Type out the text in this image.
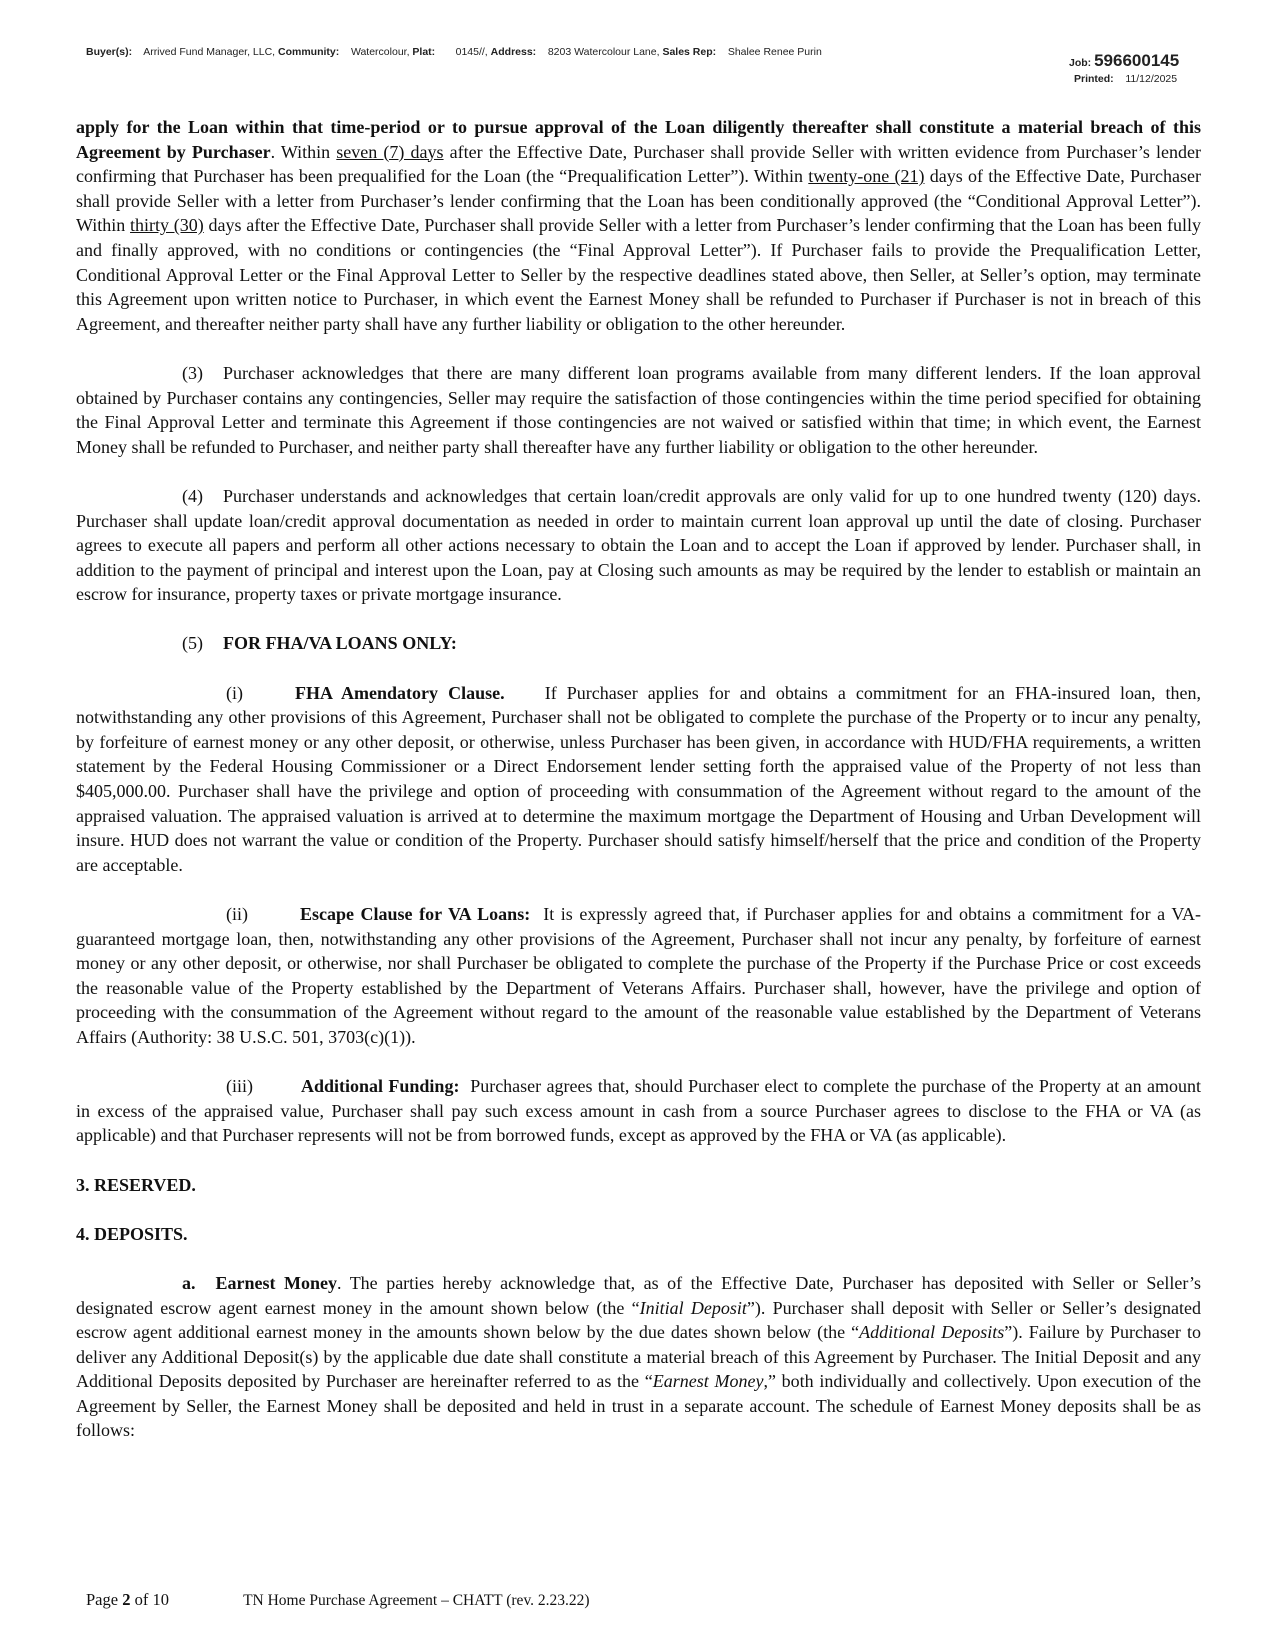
Buyer(s): Arrived Fund Manager, LLC, Community: Watercolour, Plat: 0145//, Address: 8203 Watercolour Lane, Sales Rep: Shalee Renee Purin
Job: 596600145
Printed: 11/12/2025

apply for the Loan within that time-period or to pursue approval of the Loan diligently thereafter shall constitute a material breach of this Agreement by Purchaser. Within seven (7) days after the Effective Date, Purchaser shall provide Seller with written evidence from Purchaser’s lender confirming that Purchaser has been prequalified for the Loan (the “Prequalification Letter”). Within twenty-one (21) days of the Effective Date, Purchaser shall provide Seller with a letter from Purchaser’s lender confirming that the Loan has been conditionally approved (the “Conditional Approval Letter”). Within thirty (30) days after the Effective Date, Purchaser shall provide Seller with a letter from Purchaser’s lender confirming that the Loan has been fully and finally approved, with no conditions or contingencies (the “Final Approval Letter”). If Purchaser fails to provide the Prequalification Letter, Conditional Approval Letter or the Final Approval Letter to Seller by the respective deadlines stated above, then Seller, at Seller’s option, may terminate this Agreement upon written notice to Purchaser, in which event the Earnest Money shall be refunded to Purchaser if Purchaser is not in breach of this Agreement, and thereafter neither party shall have any further liability or obligation to the other hereunder.

(3) Purchaser acknowledges that there are many different loan programs available from many different lenders. If the loan approval obtained by Purchaser contains any contingencies, Seller may require the satisfaction of those contingencies within the time period specified for obtaining the Final Approval Letter and terminate this Agreement if those contingencies are not waived or satisfied within that time; in which event, the Earnest Money shall be refunded to Purchaser, and neither party shall thereafter have any further liability or obligation to the other hereunder.

(4) Purchaser understands and acknowledges that certain loan/credit approvals are only valid for up to one hundred twenty (120) days. Purchaser shall update loan/credit approval documentation as needed in order to maintain current loan approval up until the date of closing. Purchaser agrees to execute all papers and perform all other actions necessary to obtain the Loan and to accept the Loan if approved by lender. Purchaser shall, in addition to the payment of principal and interest upon the Loan, pay at Closing such amounts as may be required by the lender to establish or maintain an escrow for insurance, property taxes or private mortgage insurance.

(5) FOR FHA/VA LOANS ONLY:

(i)	FHA Amendatory Clause. If Purchaser applies for and obtains a commitment for an FHA-insured loan, then, notwithstanding any other provisions of this Agreement, Purchaser shall not be obligated to complete the purchase of the Property or to incur any penalty, by forfeiture of earnest money or any other deposit, or otherwise, unless Purchaser has been given, in accordance with HUD/FHA requirements, a written statement by the Federal Housing Commissioner or a Direct Endorsement lender setting forth the appraised value of the Property of not less than $405,000.00. Purchaser shall have the privilege and option of proceeding with consummation of the Agreement without regard to the amount of the appraised valuation. The appraised valuation is arrived at to determine the maximum mortgage the Department of Housing and Urban Development will insure. HUD does not warrant the value or condition of the Property. Purchaser should satisfy himself/herself that the price and condition of the Property are acceptable.

(ii)	Escape Clause for VA Loans: It is expressly agreed that, if Purchaser applies for and obtains a commitment for a VA-guaranteed mortgage loan, then, notwithstanding any other provisions of the Agreement, Purchaser shall not incur any penalty, by forfeiture of earnest money or any other deposit, or otherwise, nor shall Purchaser be obligated to complete the purchase of the Property if the Purchase Price or cost exceeds the reasonable value of the Property established by the Department of Veterans Affairs. Purchaser shall, however, have the privilege and option of proceeding with the consummation of the Agreement without regard to the amount of the reasonable value established by the Department of Veterans Affairs (Authority: 38 U.S.C. 501, 3703(c)(1)).

(iii)	Additional Funding: Purchaser agrees that, should Purchaser elect to complete the purchase of the Property at an amount in excess of the appraised value, Purchaser shall pay such excess amount in cash from a source Purchaser agrees to disclose to the FHA or VA (as applicable) and that Purchaser represents will not be from borrowed funds, except as approved by the FHA or VA (as applicable).

3. RESERVED.

4. DEPOSITS.

a. Earnest Money. The parties hereby acknowledge that, as of the Effective Date, Purchaser has deposited with Seller or Seller’s designated escrow agent earnest money in the amount shown below (the “Initial Deposit”). Purchaser shall deposit with Seller or Seller’s designated escrow agent additional earnest money in the amounts shown below by the due dates shown below (the “Additional Deposits”). Failure by Purchaser to deliver any Additional Deposit(s) by the applicable due date shall constitute a material breach of this Agreement by Purchaser. The Initial Deposit and any Additional Deposits deposited by Purchaser are hereinafter referred to as the “Earnest Money,” both individually and collectively. Upon execution of the Agreement by Seller, the Earnest Money shall be deposited and held in trust in a separate account. The schedule of Earnest Money deposits shall be as follows:

Page 2 of 10	TN Home Purchase Agreement – CHATT (rev. 2.23.22)
